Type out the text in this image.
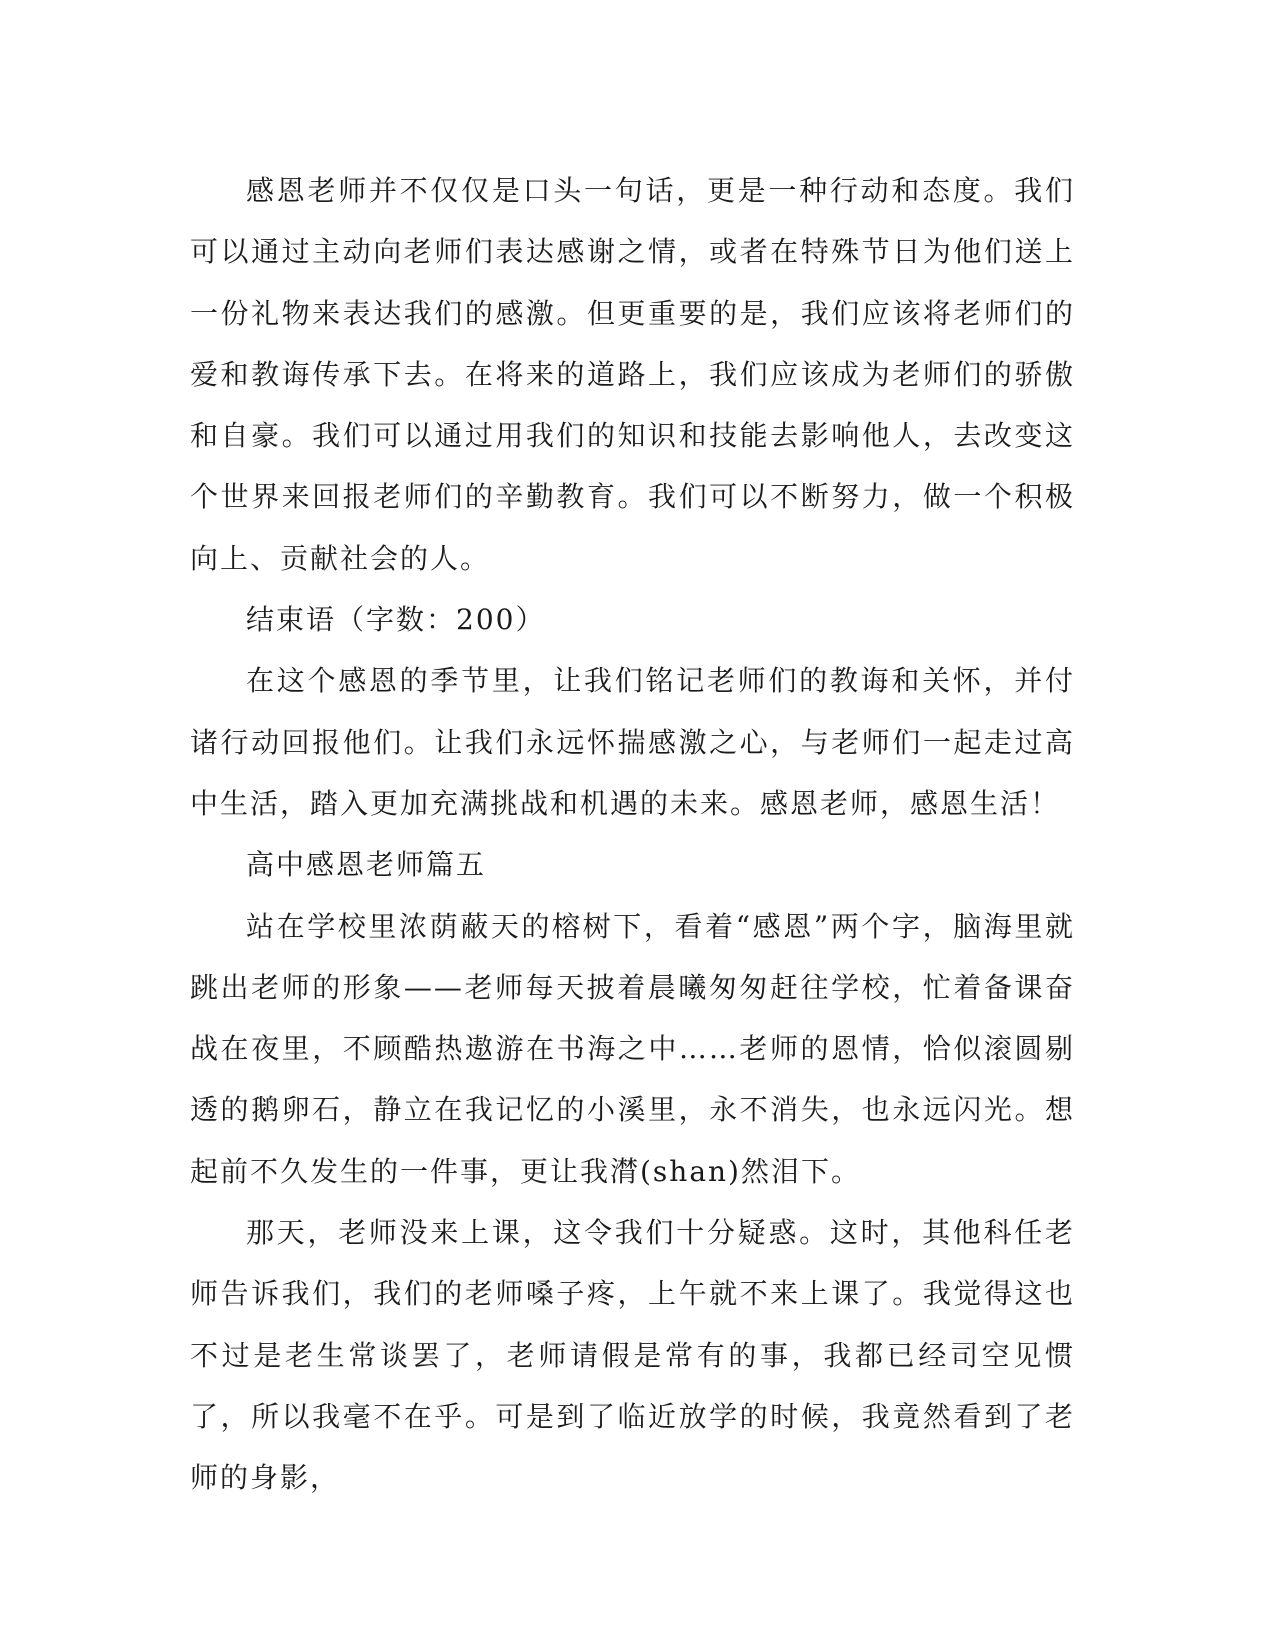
感恩老师并不仅仅是口头一句话，更是一种行动和态度。我们可以通过主动向老师们表达感谢之情，或者在特殊节日为他们送上一份礼物来表达我们的感激。但更重要的是，我们应该将老师们的爱和教诲传承下去。在将来的道路上，我们应该成为老师们的骄傲和自豪。我们可以通过用我们的知识和技能去影响他人，去改变这个世界来回报老师们的辛勤教育。我们可以不断努力，做一个积极向上、贡献社会的人。

结束语（字数：200）

在这个感恩的季节里，让我们铭记老师们的教诲和关怀，并付诸行动回报他们。让我们永远怀揣感激之心，与老师们一起走过高中生活，踏入更加充满挑战和机遇的未来。感恩老师，感恩生活！

高中感恩老师篇五

站在学校里浓荫蔽天的榕树下，看着“感恩”两个字，脑海里就跳出老师的形象——老师每天披着晨曦匆匆赶往学校，忙着备课奋战在夜里，不顾酷热遨游在书海之中……老师的恩情，恰似滚圆剔透的鹅卵石，静立在我记忆的小溪里，永不消失，也永远闪光。想起前不久发生的一件事，更让我潸(shan)然泪下。

那天，老师没来上课，这令我们十分疑惑。这时，其他科任老师告诉我们，我们的老师嗓子疼，上午就不来上课了。我觉得这也不过是老生常谈罢了，老师请假是常有的事，我都已经司空见惯了，所以我毫不在乎。可是到了临近放学的时候，我竟然看到了老师的身影，
